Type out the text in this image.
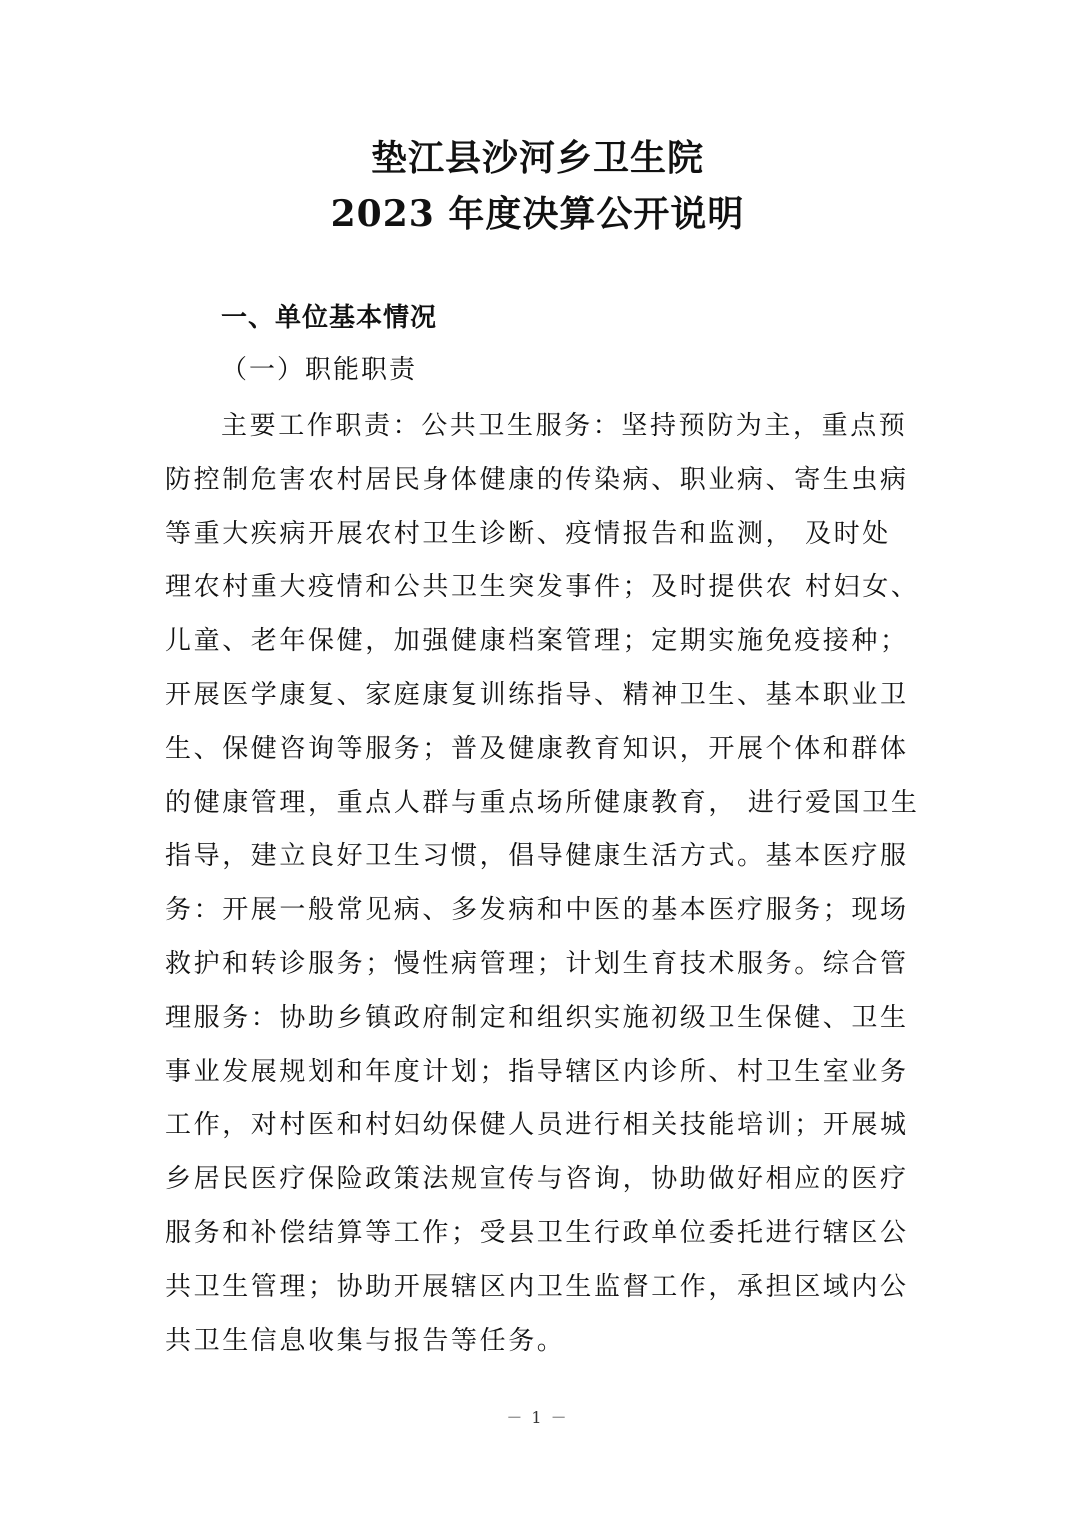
垫江县沙河乡卫生院
2023 年度决算公开说明
一、单位基本情况
（一）职能职责
主要工作职责：公共卫生服务：坚持预防为主，重点预
防控制危害农村居民身体健康的传染病、职业病、寄生虫病
等重大疾病开展农村卫生诊断、疫情报告和监测， 及时处
理农村重大疫情和公共卫生突发事件；及时提供农 村妇女、
儿童、老年保健，加强健康档案管理；定期实施免疫接种；
开展医学康复、家庭康复训练指导、精神卫生、基本职业卫
生、保健咨询等服务；普及健康教育知识，开展个体和群体
的健康管理，重点人群与重点场所健康教育， 进行爱国卫生
指导，建立良好卫生习惯，倡导健康生活方式。基本医疗服
务：开展一般常见病、多发病和中医的基本医疗服务；现场
救护和转诊服务；慢性病管理；计划生育技术服务。综合管
理服务：协助乡镇政府制定和组织实施初级卫生保健、卫生
事业发展规划和年度计划；指导辖区内诊所、村卫生室业务
工作，对村医和村妇幼保健人员进行相关技能培训；开展城
乡居民医疗保险政策法规宣传与咨询，协助做好相应的医疗
服务和补偿结算等工作；受县卫生行政单位委托进行辖区公
共卫生管理；协助开展辖区内卫生监督工作，承担区域内公
共卫生信息收集与报告等任务。
－ 1 －
